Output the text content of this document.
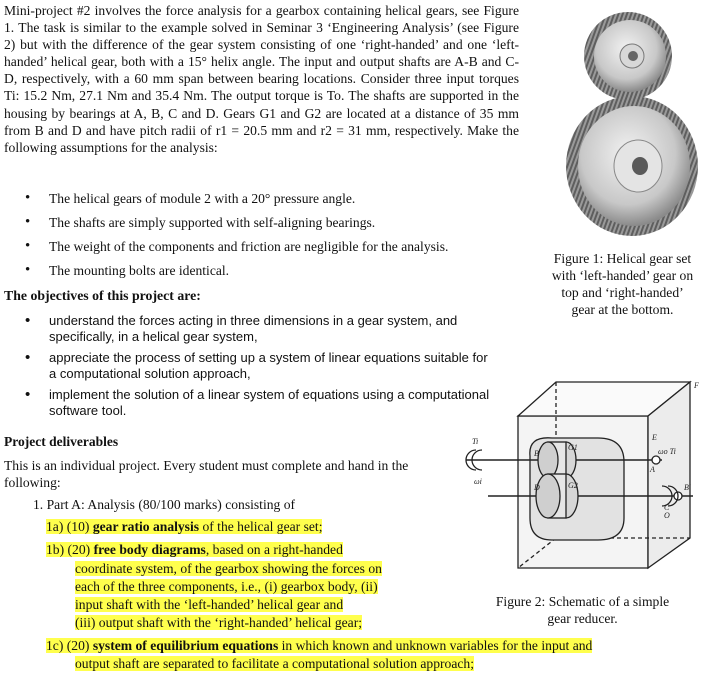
Mini-project #2 involves the force analysis for a gearbox containing helical gears, see Figure 1. The task is similar to the example solved in Seminar 3 ‘Engineering Analysis’ (see Figure 2) but with the difference of the gear system consisting of one ‘right-handed’ and one ‘left-handed’ helical gear, both with a 15° helix angle. The input and output shafts are A-B and C-D, respectively, with a 60 mm span between bearing locations. Consider three input torques Ti: 15.2 Nm, 27.1 Nm and 35.4 Nm. The output torque is To. The shafts are supported in the housing by bearings at A, B, C and D. Gears G1 and G2 are located at a distance of 35 mm from B and D and have pitch radii of r1 = 20.5 mm and r2 = 31 mm, respectively. Make the following assumptions for the analysis:
• The helical gears of module 2 with a 20° pressure angle.
• The shafts are simply supported with self-aligning bearings.
• The weight of the components and friction are negligible for the analysis.
• The mounting bolts are identical.
The objectives of this project are:
• understand the forces acting in three dimensions in a gear system, and specifically, in a helical gear system,
• appreciate the process of setting up a system of linear equations suitable for a computational solution approach,
• implement the solution of a linear system of equations using a computational software tool.
Project deliverables
This is an individual project. Every student must complete and hand in the following:
1. Part A: Analysis (80/100 marks) consisting of
1a) (10) gear ratio analysis of the helical gear set;
1b) (20) free body diagrams, based on a right-handed
coordinate system, of the gearbox showing the forces on
each of the three components, i.e., (i) gearbox body, (ii)
input shaft with the ‘left-handed’ helical gear and
(iii) output shaft with the ‘right-handed’ helical gear;
1c) (20) system of equilibrium equations in which known and unknown variables for the input and
output shaft are separated to facilitate a computational solution approach;
Figure 1: Helical gear set
with ‘left-handed’ gear on
top and ‘right-handed’
gear at the bottom.
Ti
ωi
ωo Ti
A
B
C
D
E
F
G1
G2
O
B'
Figure 2: Schematic of a simple
gear reducer.
